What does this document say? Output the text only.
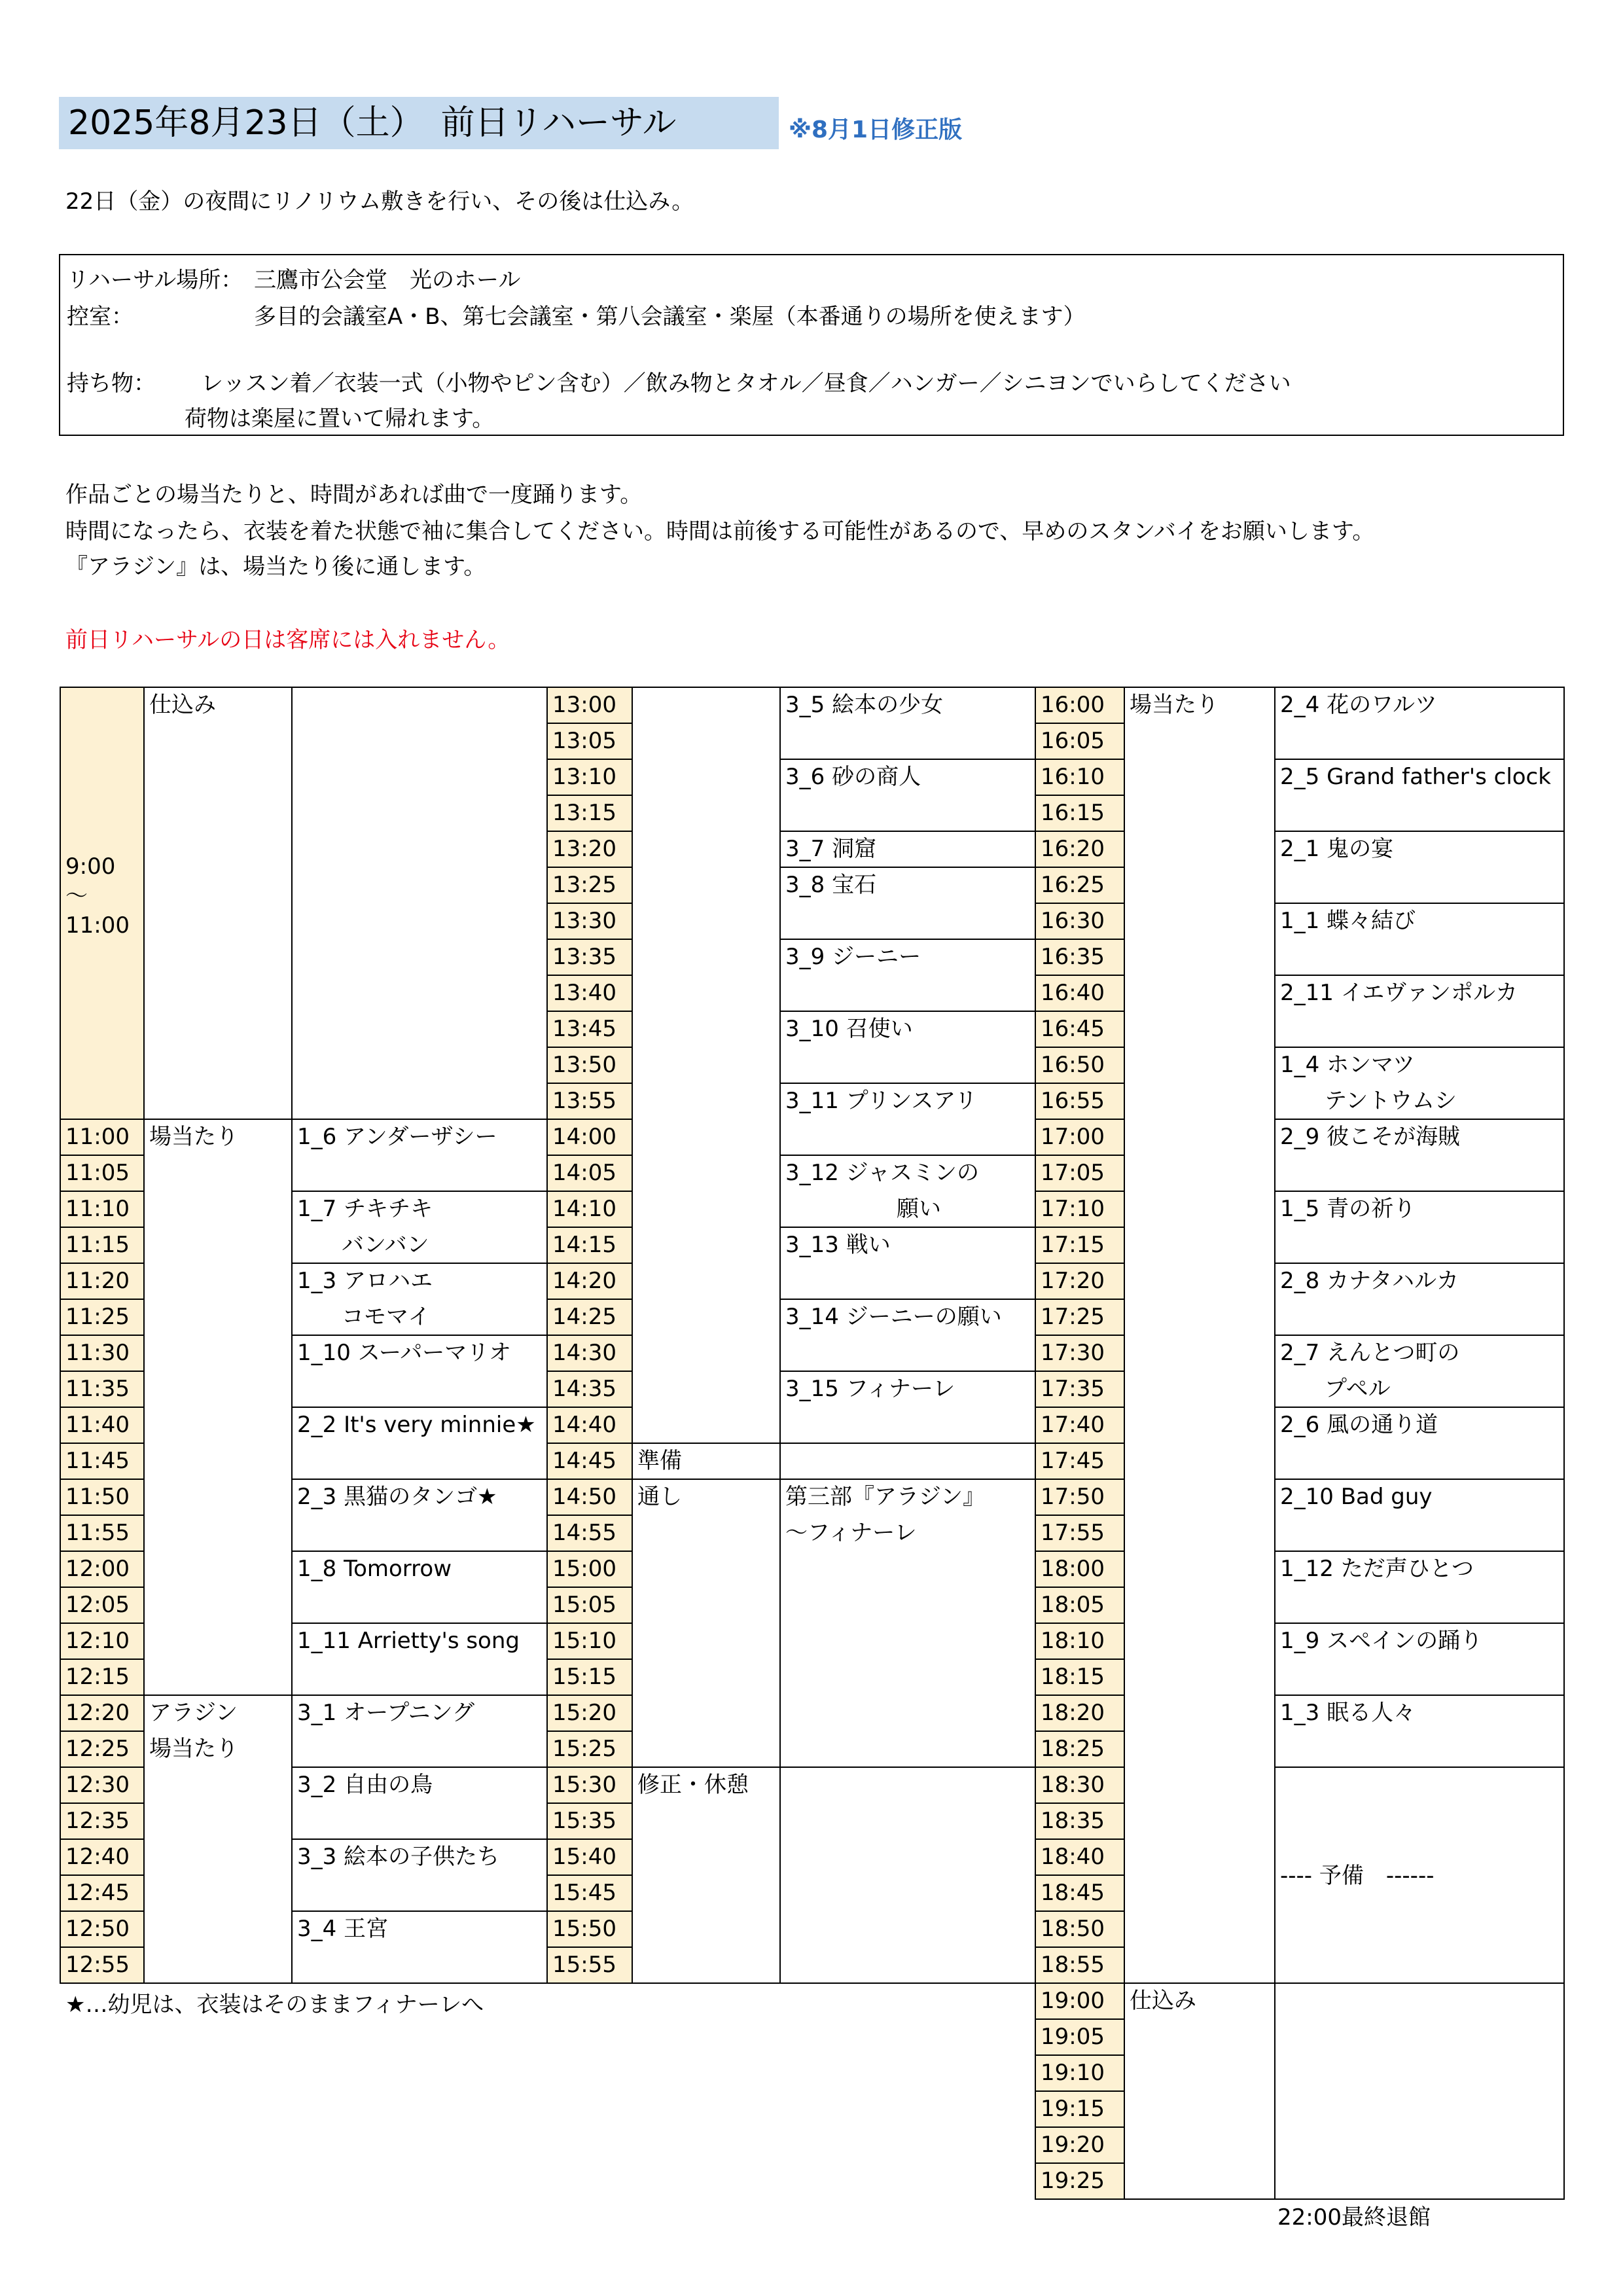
2025年8月23日（土）　前日リハーサル	※8月1日修正版
22日（金）の夜間にリノリウム敷きを行い、その後は仕込み。
リハーサル場所： 三鷹市公会堂　光のホール
控室：	多目的会議室A・B、第七会議室・第八会議室・楽屋（本番通りの場所を使えます）
持ち物： レッスン着／衣装一式（小物やピン含む）／飲み物とタオル／昼食／ハンガー／シニヨンでいらしてください
荷物は楽屋に置いて帰れます。
作品ごとの場当たりと、時間があれば曲で一度踊ります。
時間になったら、衣装を着た状態で袖に集合してください。時間は前後する可能性があるので、早めのスタンバイをお願いします。
『アラジン』は、場当たり後に通します。
前日リハーサルの日は客席には入れません。
9:00
～
11:00
11:00
11:05
11:10
11:15
11:20
11:25
11:30
11:35
11:40
11:45
11:50
11:55
12:00
12:05
12:10
12:15
12:20
12:25
12:30
12:35
12:40
12:45
12:50
12:55
仕込み
場当たり
アラジン
場当たり
1_6 アンダーザシー
1_7 チキチキ
　　バンバン
1_3 アロハエ
　　コモマイ
1_10 スーパーマリオ
2_2 It's very minnie★
2_3 黒猫のタンゴ★
1_8 Tomorrow
1_11 Arrietty's song
3_1 オープニング
3_2 自由の鳥
3_3 絵本の子供たち
3_4 王宮
13:00
13:05
13:10
13:15
13:20
13:25
13:30
13:35
13:40
13:45
13:50
13:55
14:00
14:05
14:10
14:15
14:20
14:25
14:30
14:35
14:40
14:45
14:50
14:55
15:00
15:05
15:10
15:15
15:20
15:25
15:30
15:35
15:40
15:45
15:50
15:55
準備
通し
修正・休憩
3_5 絵本の少女
3_6 砂の商人
3_7 洞窟
3_8 宝石
3_9 ジーニー
3_10 召使い
3_11 プリンスアリ
3_12 ジャスミンの
　　　　　願い
3_13 戦い
3_14 ジーニーの願い
3_15 フィナーレ
第三部『アラジン』
～フィナーレ
16:00
16:05
16:10
16:15
16:20
16:25
16:30
16:35
16:40
16:45
16:50
16:55
17:00
17:05
17:10
17:15
17:20
17:25
17:30
17:35
17:40
17:45
17:50
17:55
18:00
18:05
18:10
18:15
18:20
18:25
18:30
18:35
18:40
18:45
18:50
18:55
19:00
19:05
19:10
19:15
19:20
19:25
場当たり
仕込み
2_4 花のワルツ
2_5 Grand father's clock
2_1 鬼の宴
1_1 蝶々結び
2_11 イエヴァンポルカ
1_4 ホンマツ
　　テントウムシ
2_9 彼こそが海賊
1_5 青の祈り
2_8 カナタハルカ
2_7 えんとつ町の
　　プペル
2_6 風の通り道
2_10 Bad guy
1_12 ただ声ひとつ
1_9 スペインの踊り
1_3 眠る人々
---- 予備　------
★…幼児は、衣装はそのままフィナーレへ
22:00最終退館
